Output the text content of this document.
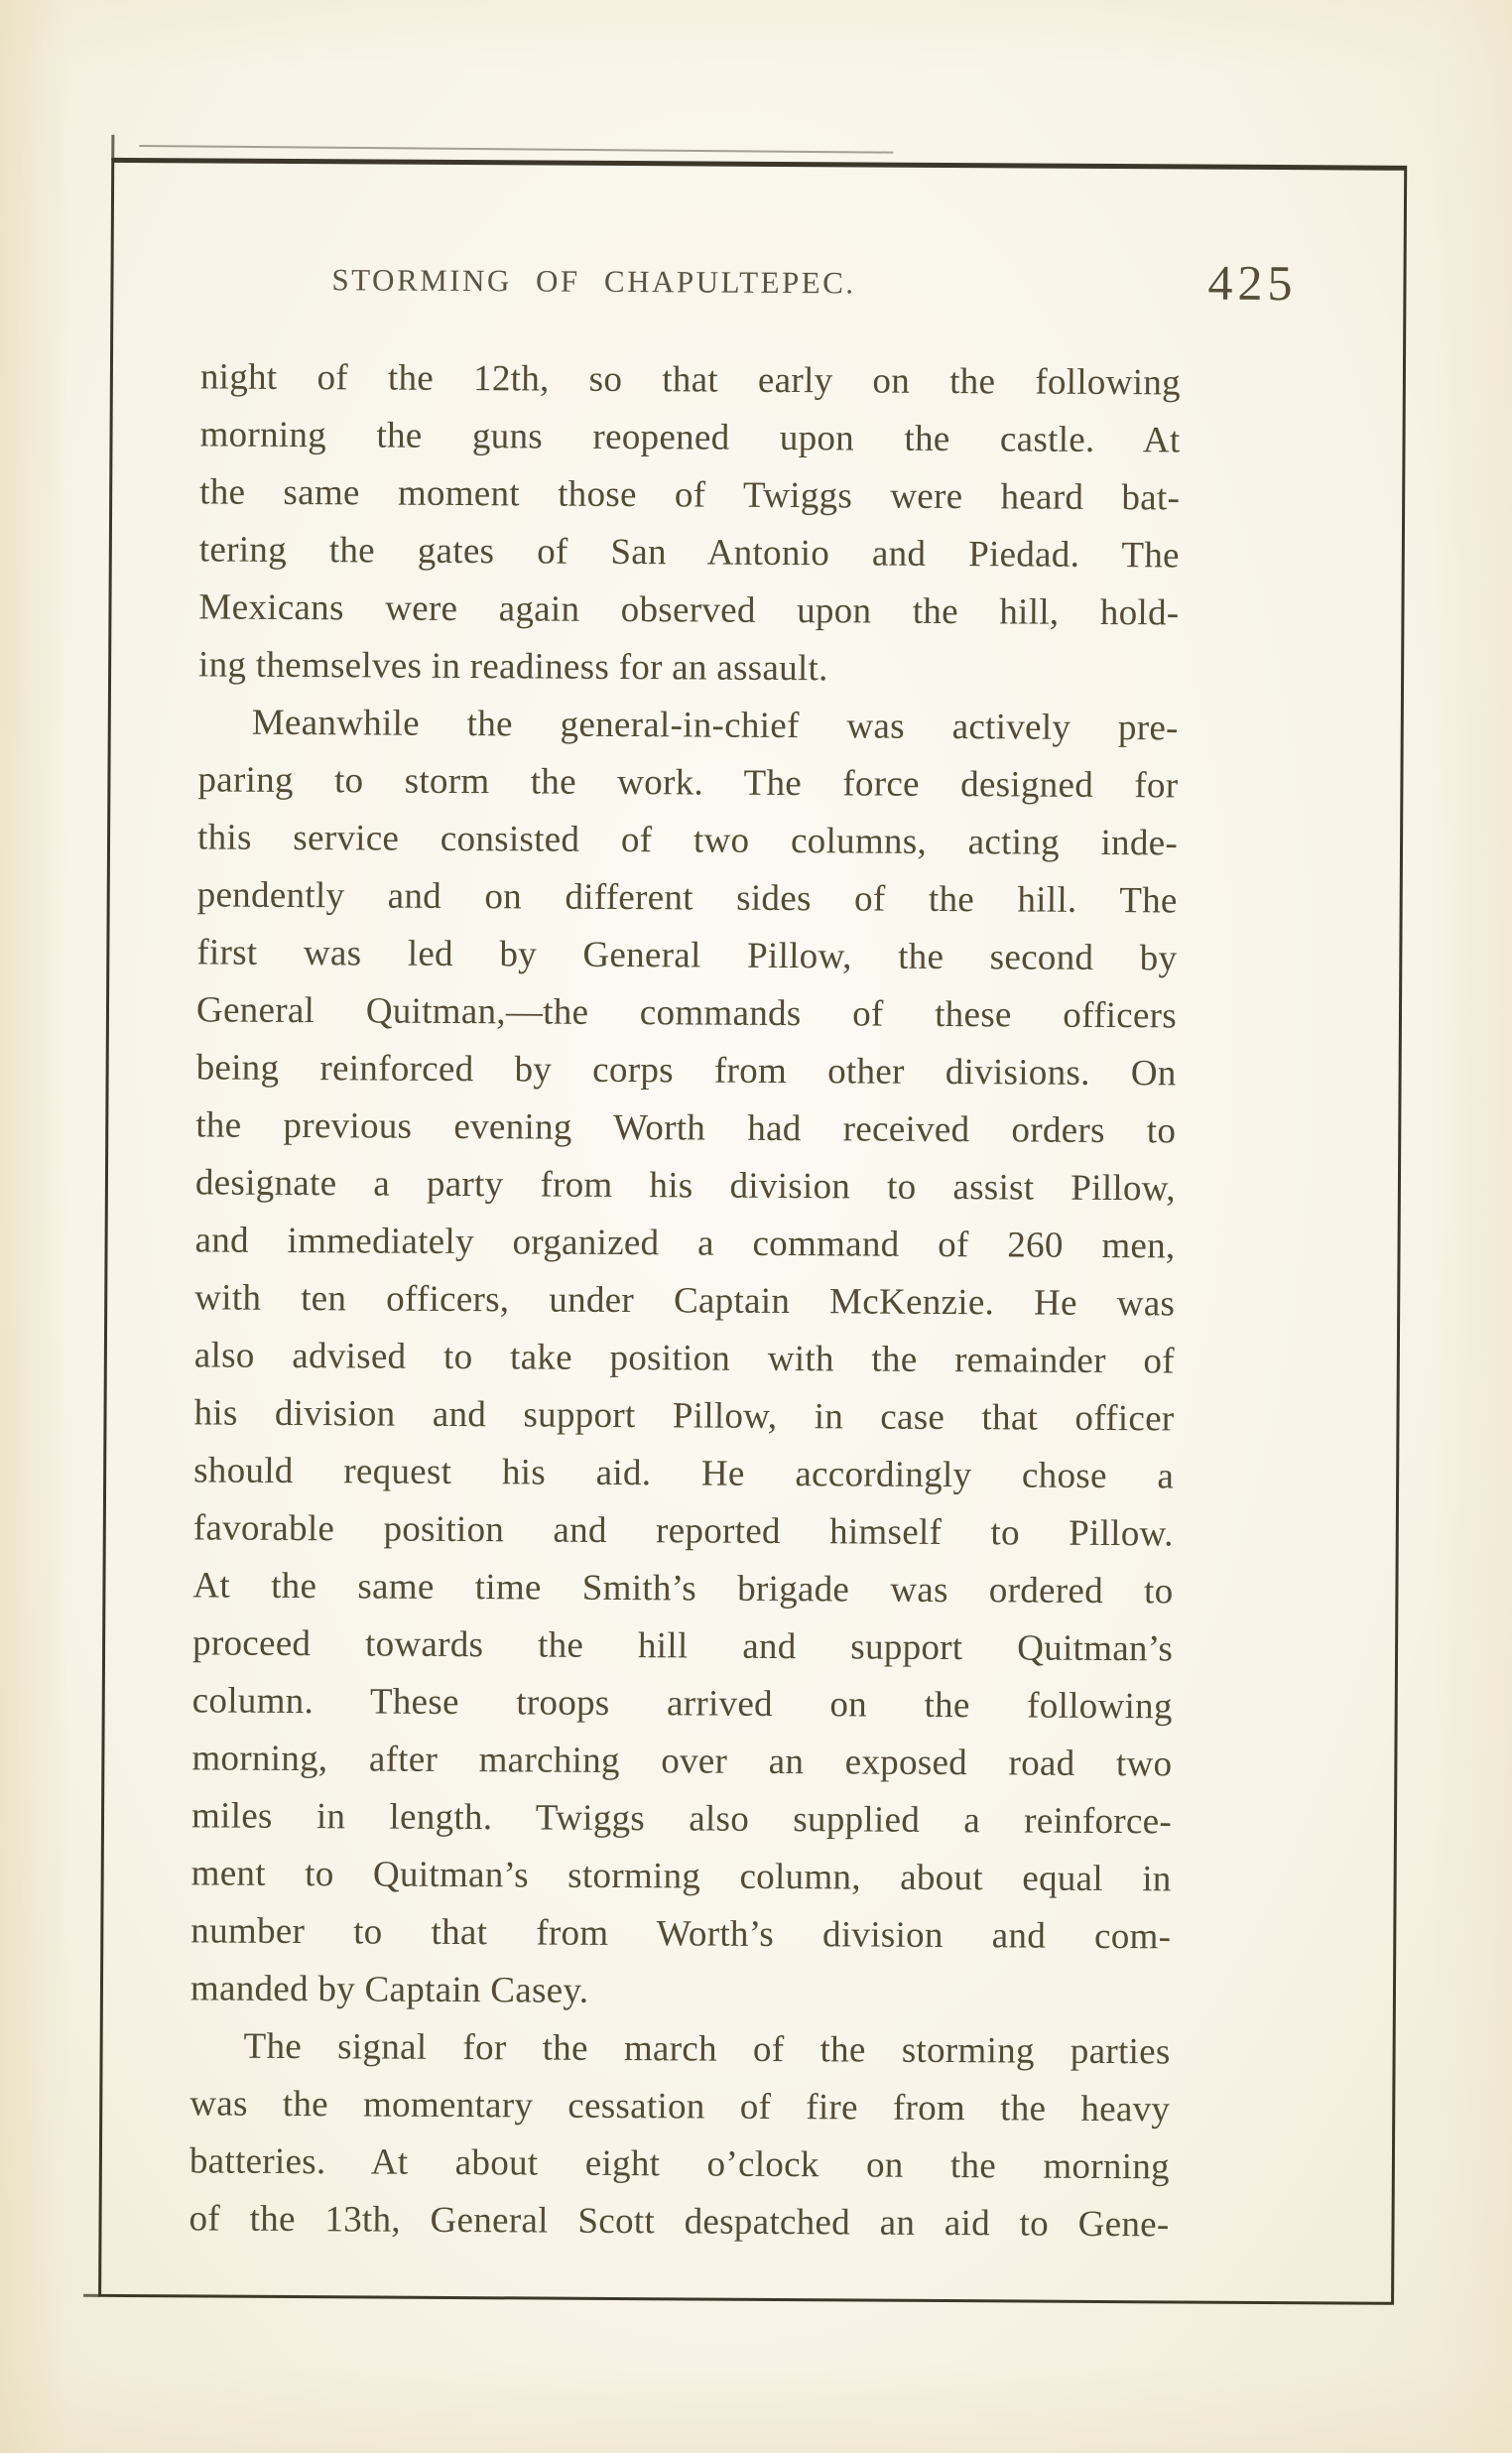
STORMING OF CHAPULTEPEC.	425
night of the 12th, so that early on the following
morning the guns reopened upon the castle. At
the same moment those of Twiggs were heard bat-
tering the gates of San Antonio and Piedad. The
Mexicans were again observed upon the hill, hold-
ing themselves in readiness for an assault.
Meanwhile the general-in-chief was actively pre-
paring to storm the work. The force designed for
this service consisted of two columns, acting inde-
pendently and on different sides of the hill. The
first was led by General Pillow, the second by
General Quitman,—the commands of these officers
being reinforced by corps from other divisions. On
the previous evening Worth had received orders to
designate a party from his division to assist Pillow,
and immediately organized a command of 260 men,
with ten officers, under Captain McKenzie. He was
also advised to take position with the remainder of
his division and support Pillow, in case that officer
should request his aid. He accordingly chose a
favorable position and reported himself to Pillow.
At the same time Smith’s brigade was ordered to
proceed towards the hill and support Quitman’s
column. These troops arrived on the following
morning, after marching over an exposed road two
miles in length. Twiggs also supplied a reinforce-
ment to Quitman’s storming column, about equal in
number to that from Worth’s division and com-
manded by Captain Casey.
The signal for the march of the storming parties
was the momentary cessation of fire from the heavy
batteries. At about eight o’clock on the morning
of the 13th, General Scott despatched an aid to Gene-
